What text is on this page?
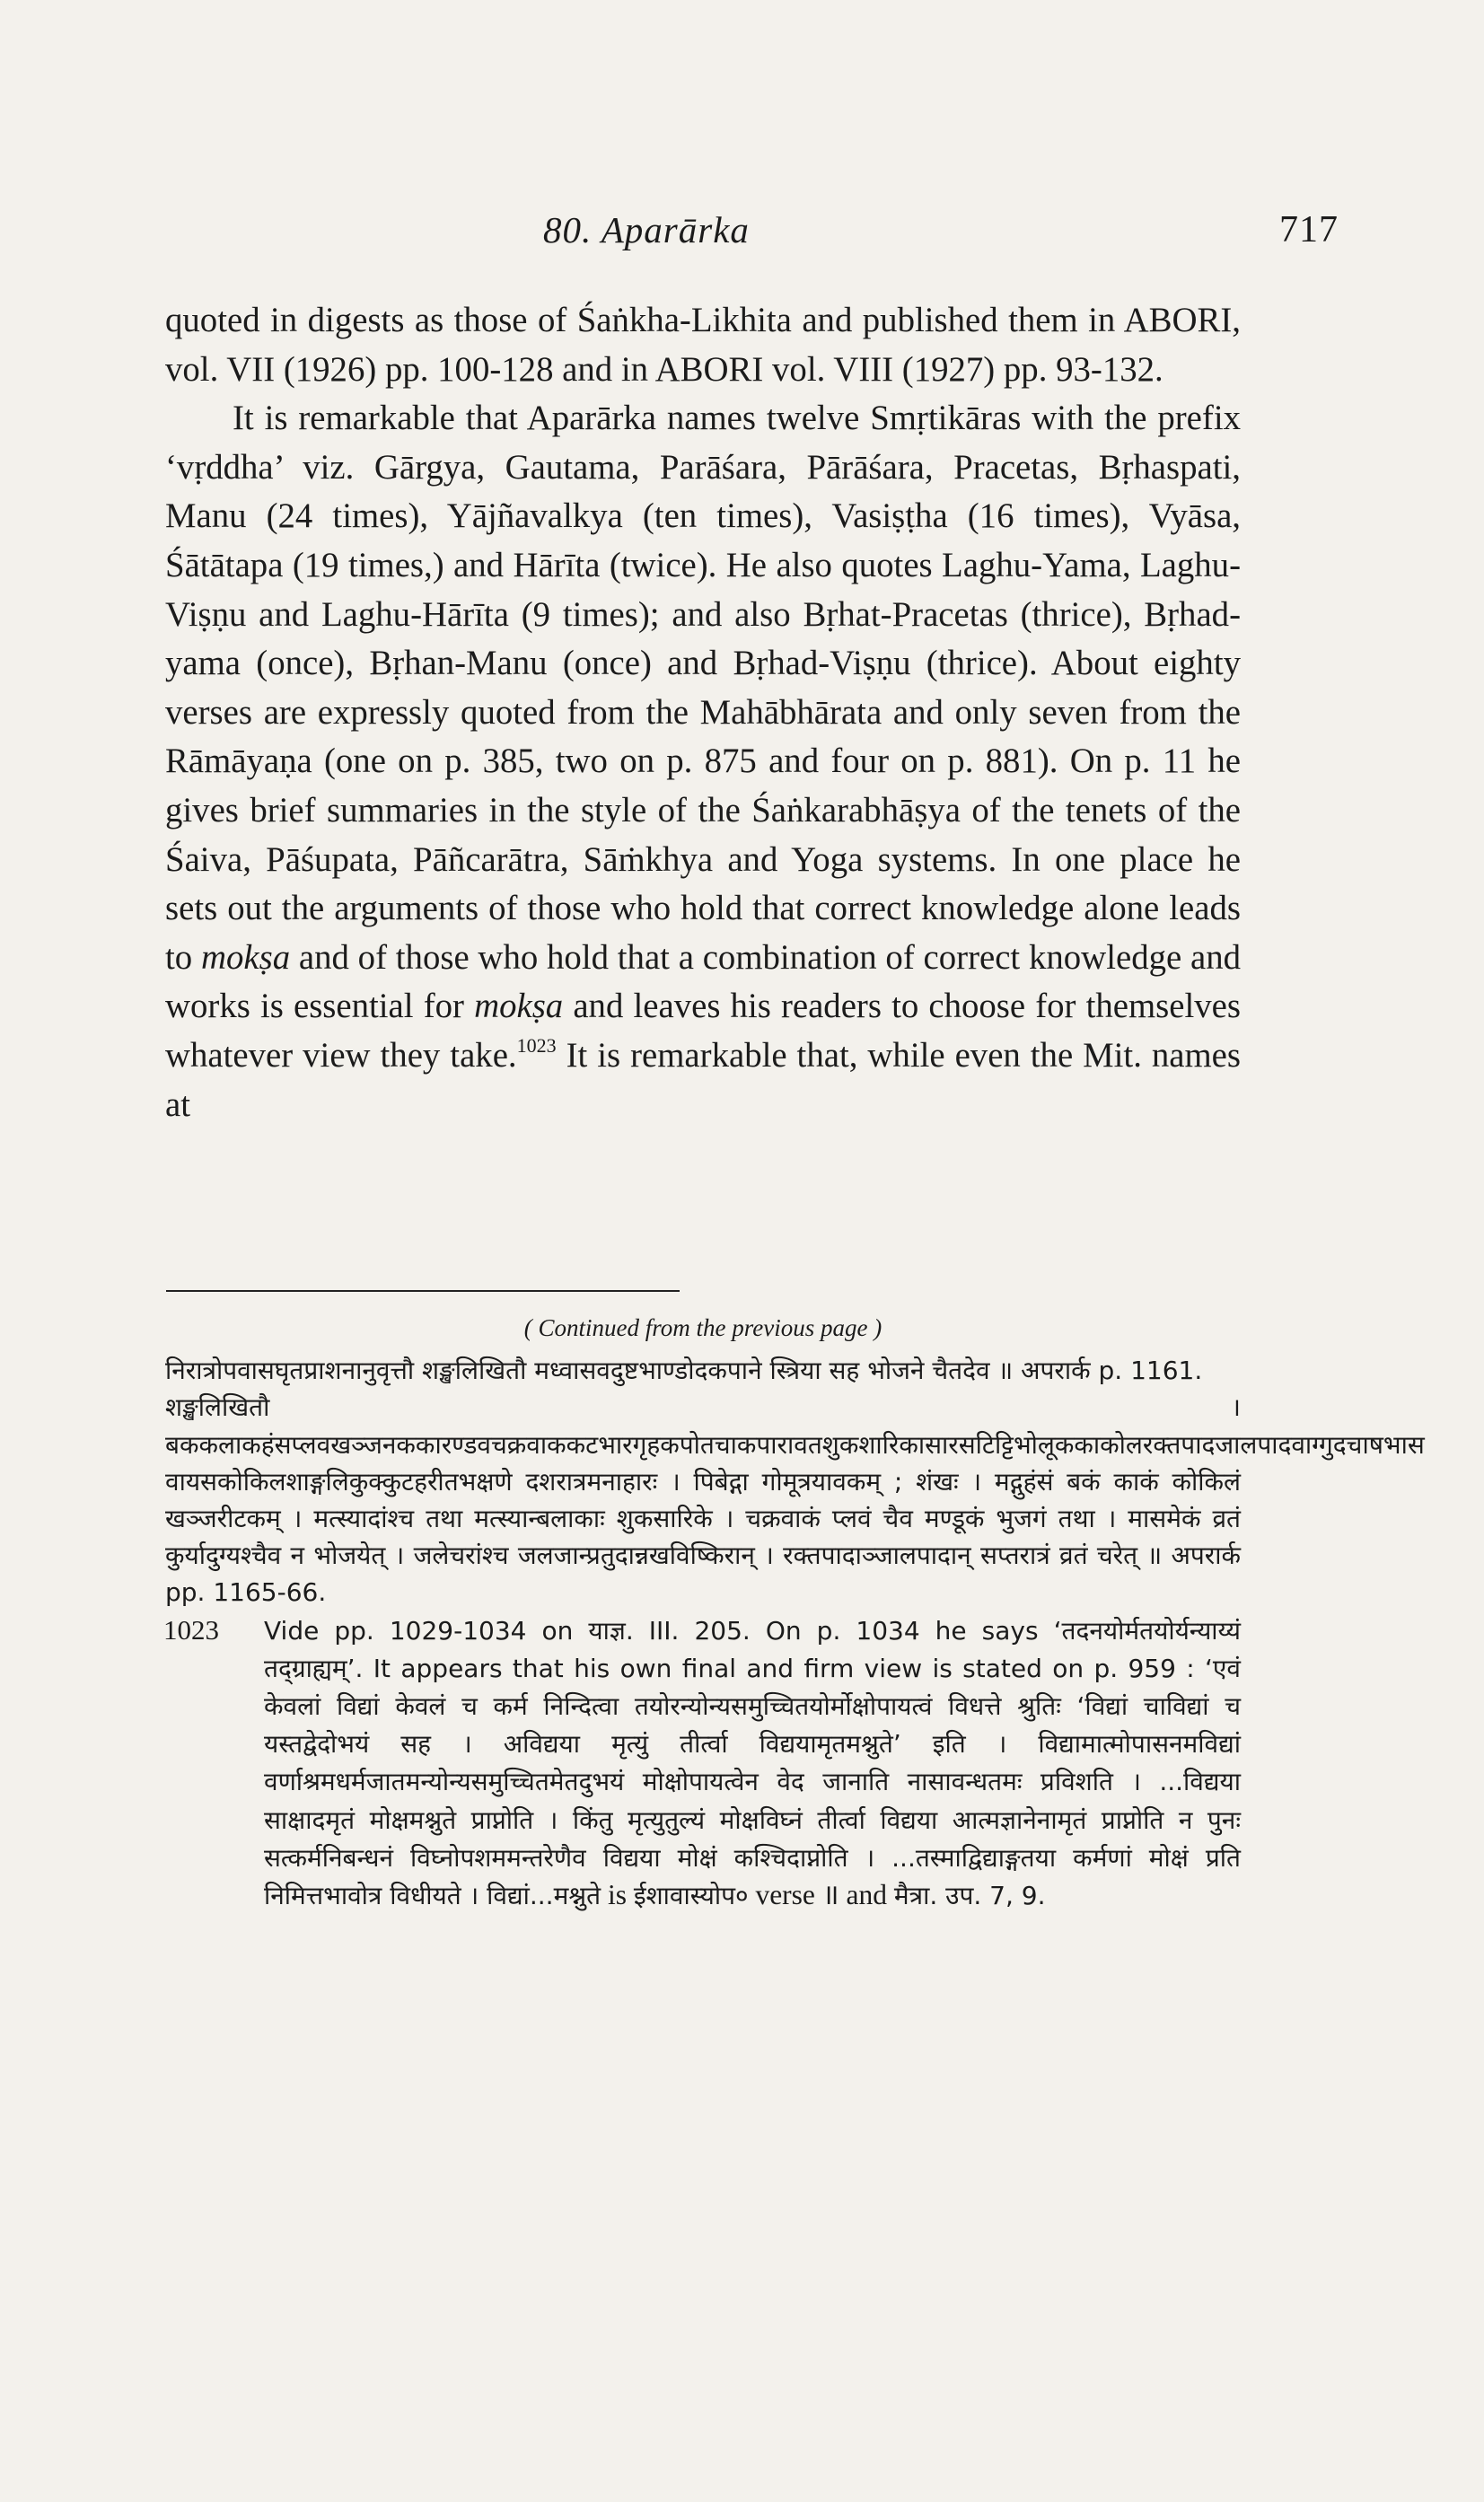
80. Aparārka	717

quoted in digests as those of Śaṅkha-Likhita and published them in ABORI, vol. VII (1926) pp. 100-128 and in ABORI vol. VIII (1927) pp. 93-132.

It is remarkable that Aparārka names twelve Smṛtikāras with the prefix ‘vṛddha’ viz. Gārgya, Gautama, Parāśara, Pārāśara, Pracetas, Bṛhaspati, Manu (24 times), Yājñavalkya (ten times), Vasiṣṭha (16 times), Vyāsa, Śātātapa (19 times,) and Hārīta (twice). He also quotes Laghu-Yama, Laghu-Viṣṇu and Laghu-Hārīta (9 times); and also Bṛhat-Pracetas (thrice), Bṛhad-yama (once), Bṛhan-Manu (once) and Bṛhad-Viṣṇu (thrice). About eighty verses are expressly quoted from the Mahābhārata and only seven from the Rāmāyaṇa (one on p. 385, two on p. 875 and four on p. 881). On p. 11 he gives brief summaries in the style of the Śaṅkarabhāṣya of the tenets of the Śaiva, Pāśupata, Pāñcarātra, Sāṁkhya and Yoga systems. In one place he sets out the arguments of those who hold that correct knowledge alone leads to mokṣa and of those who hold that a combination of correct knowledge and works is essential for mokṣa and leaves his readers to choose for themselves whatever view they take.$^{1023}$ It is remarkable that, while even the Mit. names at

( Continued from the previous page )

निरात्रोपवासघृतप्राशनानुवृत्तौ शङ्खलिखितौ मध्वासवदुष्टभाण्डोदकपाने स्त्रिया सह भोजने चैतदेव ॥ अपरार्क p. 1161.

शङ्खलिखितौ । बककलाकहंसप्लवखञ्जनककारण्डवचक्रवाककटभारगृहकपोतचाकपारावतशुकशारिकासारसटिट्टिभोलूककाकोलरक्तपादजालपादवाग्गुदचाषभास वायसकोकिलशाङ्गलिकुक्कुटहरीतभक्षणे दशरात्रमनाहारः । पिबेद्गा गोमूत्रयावकम् ; शंखः । मद्गुहंसं बकं काकं कोकिलं खञ्जरीटकम् । मत्स्यादांश्च तथा मत्स्यान्बलाकाः शुकसारिके । चक्रवाकं प्लवं चैव मण्डूकं भुजगं तथा । मासमेकं व्रतं कुर्यादुग्यश्चैव न भोजयेत् । जलेचरांश्च जलजान्प्रतुदान्नखविष्किरान् । रक्तपादाञ्जालपादान् सप्तरात्रं व्रतं चरेत् ॥ अपरार्क pp. 1165-66.

1023	Vide pp. 1029-1034 on याज्ञ. III. 205. On p. 1034 he says ‘तदनयोर्मतयोर्यन्याय्यं तद्ग्राह्यम्’. It appears that his own final and firm view is stated on p. 959 : ‘एवं केवलां विद्यां केवलं च कर्म निन्दित्वा तयोरन्योन्यसमुच्चितयोर्मोक्षोपायत्वं विधत्ते श्रुतिः ‘विद्यां चाविद्यां च यस्तद्वेदोभयं सह । अविद्यया मृत्युं तीर्त्वा विद्ययामृतमश्नुते’ इति । विद्यामात्मोपासनमविद्यां वर्णाश्रमधर्मजातमन्योन्यसमुच्चितमेतदुभयं मोक्षोपायत्वेन वेद जानाति नासावन्धतमः प्रविशति । ...विद्यया साक्षादमृतं मोक्षमश्नुते प्राप्नोति । किंतु मृत्युतुल्यं मोक्षविघ्नं तीर्त्वा विद्यया आत्मज्ञानेनामृतं प्राप्नोति न पुनः सत्कर्मनिबन्धनं विघ्नोपशममन्तरेणैव विद्यया मोक्षं कश्चिदाप्नोति । ...तस्माद्विद्याङ्गतया कर्मणां मोक्षं प्रति निमित्तभावोत्र विधीयते । विद्यां...मश्नुते is ईशावास्योप० verse ॥ and मैत्रा. उप. 7, 9.
